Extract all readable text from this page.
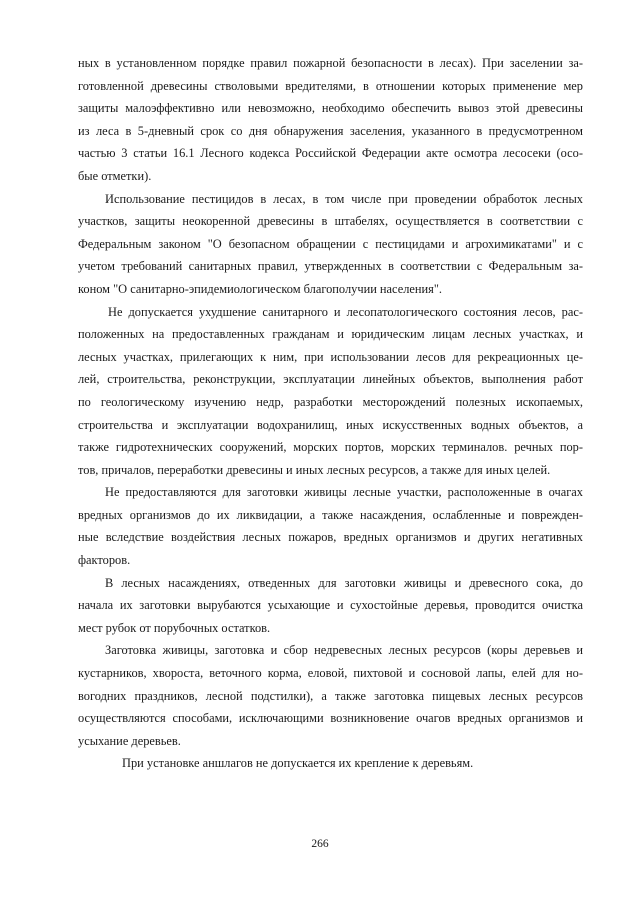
ных в установленном порядке правил пожарной безопасности в лесах). При заселении за-
готовленной древесины стволовыми вредителями, в отношении которых применение мер
защиты малоэффективно или невозможно, необходимо обеспечить вывоз этой древесины
из леса в 5-дневный срок со дня обнаружения заселения, указанного в предусмотренном
частью 3 статьи 16.1 Лесного кодекса Российской Федерации акте осмотра лесосеки (осо-
бые отметки).
Использование пестицидов в лесах, в том числе при проведении обработок лесных
участков, защиты неокоренной древесины в штабелях, осуществляется в соответствии с
Федеральным законом "О безопасном обращении с пестицидами и агрохимикатами" и с
учетом требований санитарных правил, утвержденных в соответствии с Федеральным за-
коном "О санитарно-эпидемиологическом благополучии населения".
Не допускается ухудшение санитарного и лесопатологического состояния лесов, рас-
положенных на предоставленных гражданам и юридическим лицам лесных участках, и
лесных участках, прилегающих к ним, при использовании лесов для рекреационных це-
лей, строительства, реконструкции, эксплуатации линейных объектов, выполнения работ
по геологическому изучению недр, разработки месторождений полезных ископаемых,
строительства и эксплуатации водохранилищ, иных искусственных водных объектов, а
также гидротехнических сооружений, морских портов, морских терминалов. речных пор-
тов, причалов, переработки древесины и иных лесных ресурсов, а также для иных целей.
Не предоставляются для заготовки живицы лесные участки, расположенные в очагах
вредных организмов до их ликвидации, а также насаждения, ослабленные и поврежден-
ные вследствие воздействия лесных пожаров, вредных организмов и других негативных
факторов.
В лесных насаждениях, отведенных для заготовки живицы и древесного сока, до
начала их заготовки вырубаются усыхающие и сухостойные деревья, проводится очистка
мест рубок от порубочных остатков.
Заготовка живицы, заготовка и сбор недревесных лесных ресурсов (коры деревьев и
кустарников, хвороста, веточного корма, еловой, пихтовой и сосновой лапы, елей для но-
вогодних праздников, лесной подстилки), а также заготовка пищевых лесных ресурсов
осуществляются способами, исключающими возникновение очагов вредных организмов и
усыхание деревьев.
При установке аншлагов не допускается их крепление к деревьям.
266
